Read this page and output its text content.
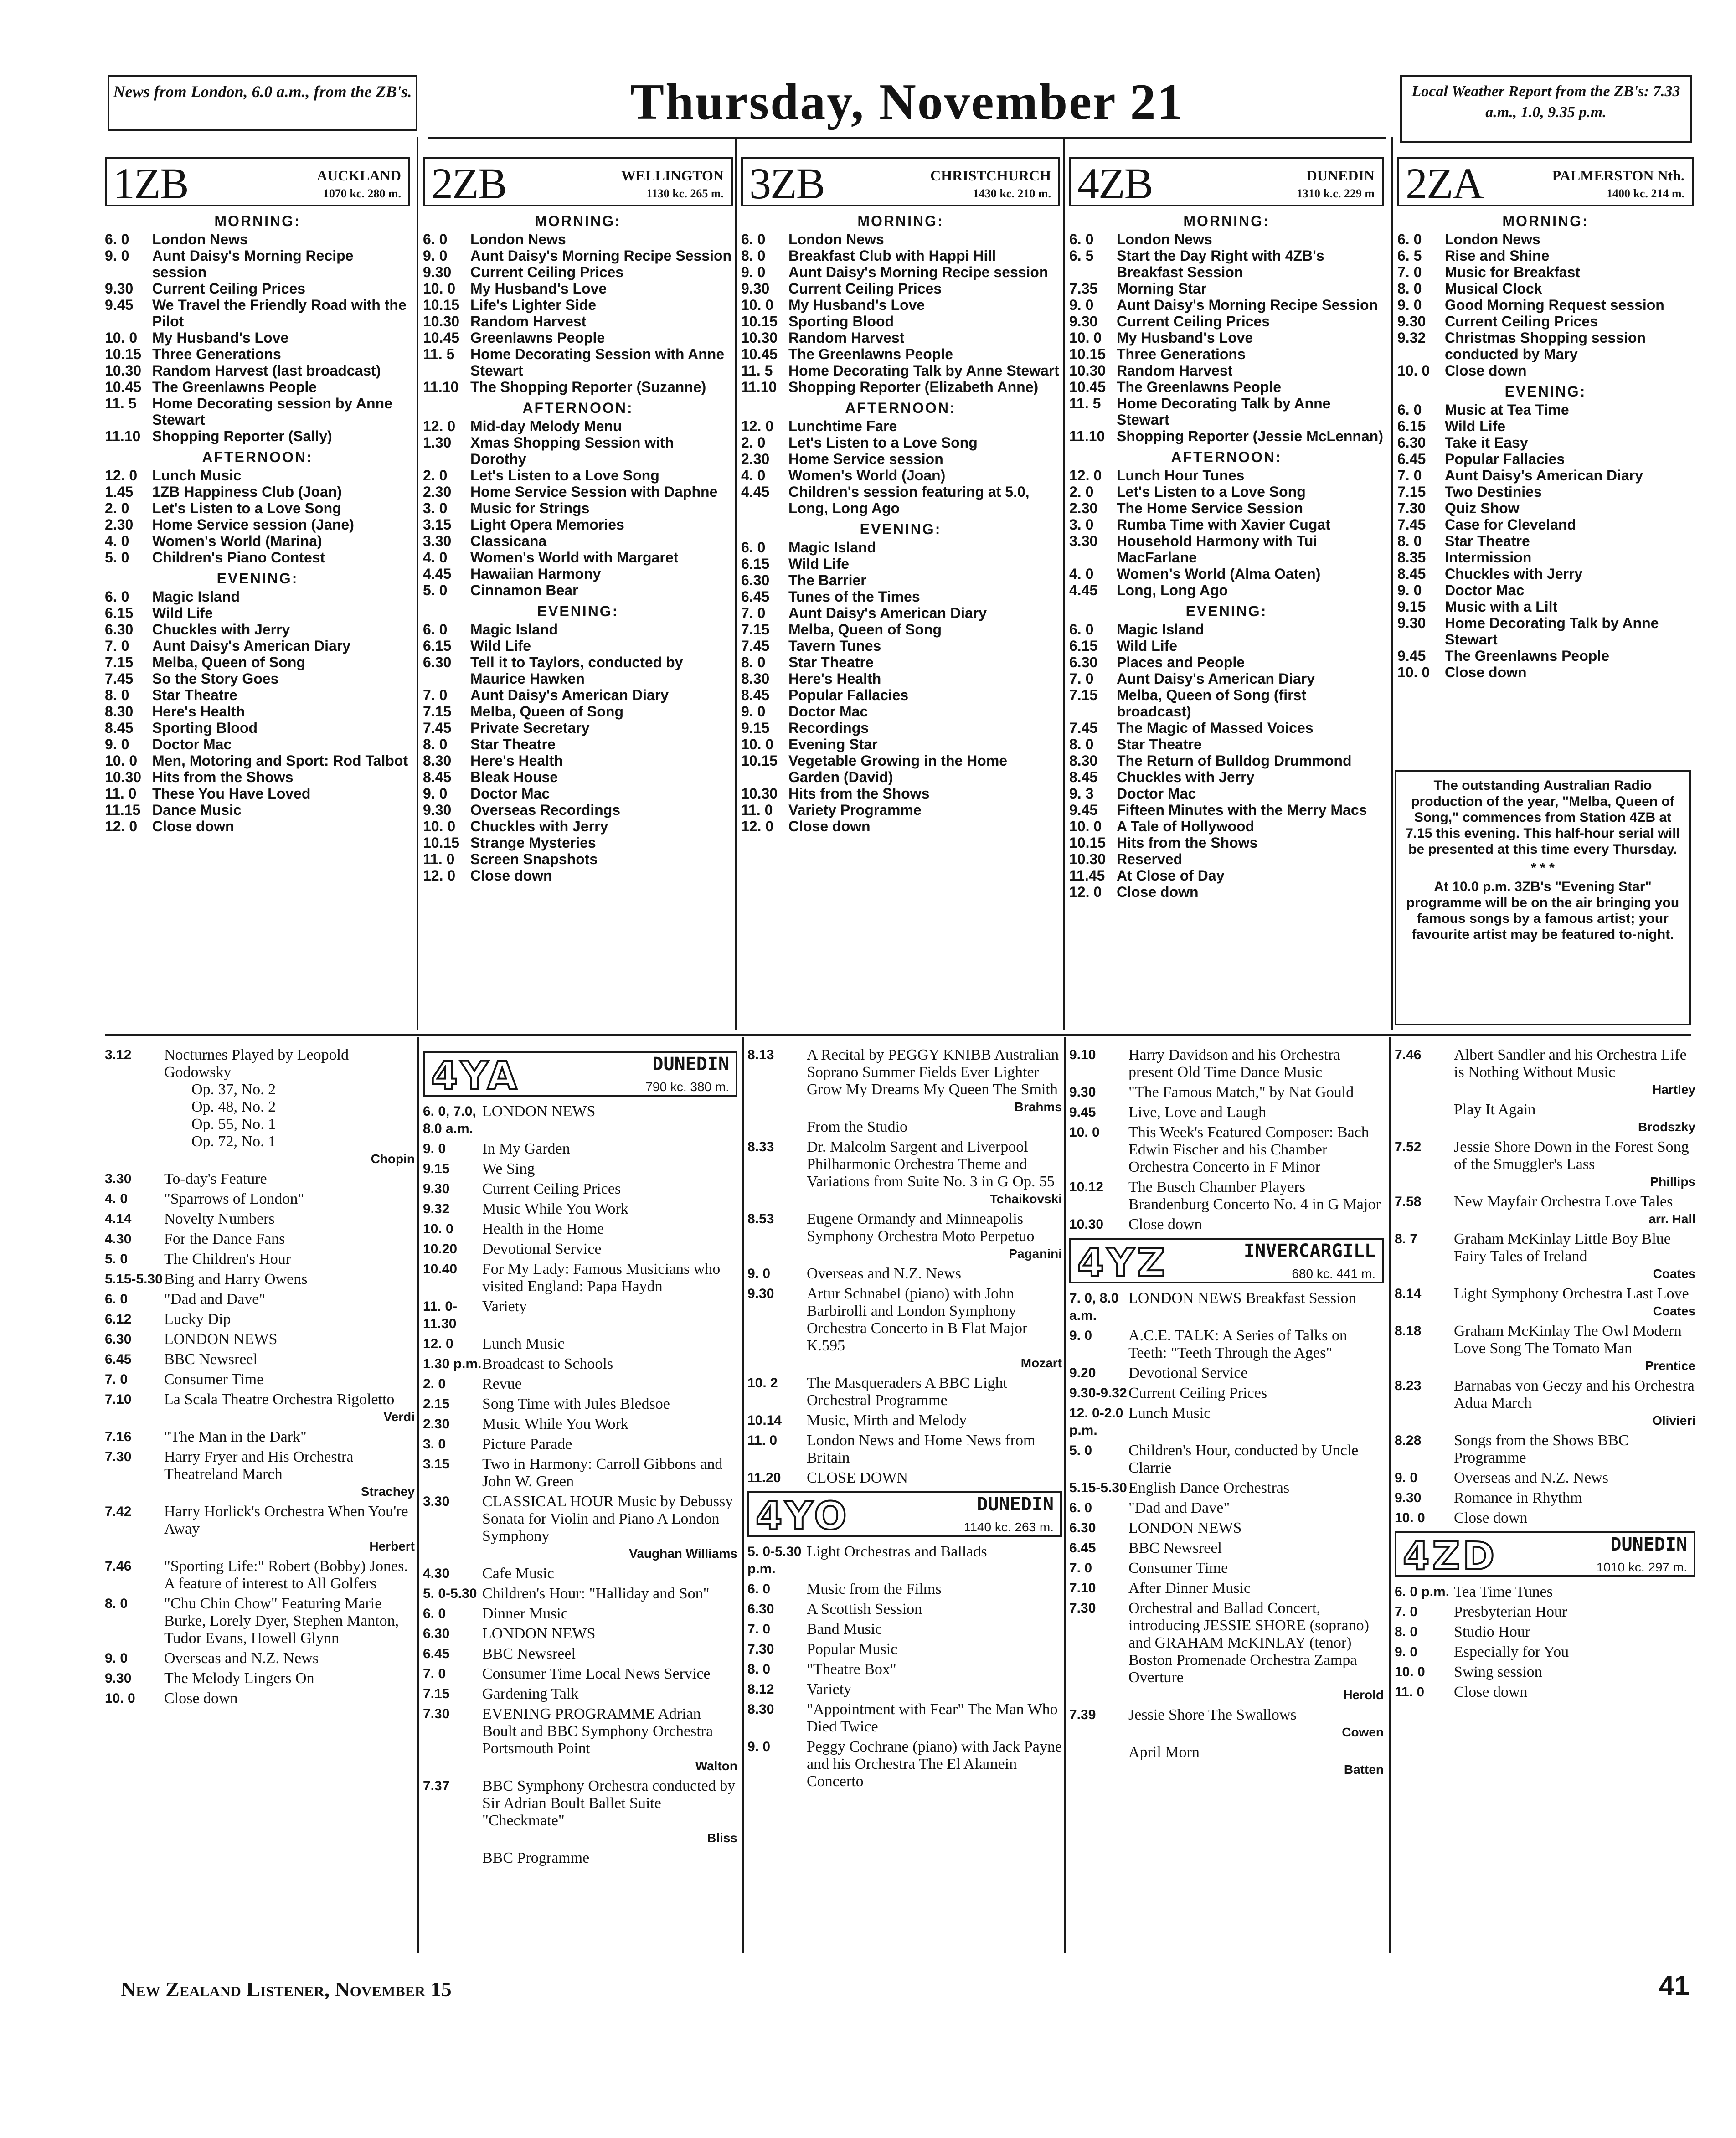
News from London, 6.0 a.m., from the ZB's.	Thursday, November 21	Local Weather Report from the ZB's: 7.33 a.m., 1.0, 9.35 p.m.
1ZB	AUCKLAND
1070 kc. 280 m.
MORNING:
6. 0	London News
9. 0	Aunt Daisy's Morning Recipe session
9.30	Current Ceiling Prices
9.45	We Travel the Friendly Road with the Pilot
10. 0	My Husband's Love
10.15 Three Generations
10.30 Random Harvest (last broadcast)
10.45 The Greenlawns People
11. 5	Home Decorating session by Anne Stewart
11.10 Shopping Reporter (Sally)
AFTERNOON:
12. 0	Lunch Music
1.45	1ZB Happiness Club (Joan)
2. 0	Let's Listen to a Love Song
2.30	Home Service session (Jane)
4. 0	Women's World (Marina)
5. 0	Children's Piano Contest
EVENING:
6. 0	Magic Island
6.15	Wild Life
6.30	Chuckles with Jerry
7. 0	Aunt Daisy's American Diary
7.15	Melba, Queen of Song
7.45	So the Story Goes
8. 0	Star Theatre
8.30	Here's Health
8.45	Sporting Blood
9. 0	Doctor Mac
10. 0	Men, Motoring and Sport: Rod Talbot
10.30 Hits from the Shows
11. 0	These You Have Loved
11.15 Dance Music
12. 0	Close down
2ZB	WELLINGTON
1130 kc. 265 m.
MORNING:
6. 0	London News
9. 0	Aunt Daisy's Morning Recipe Session
9.30	Current Ceiling Prices
10. 0	My Husband's Love
10.15 Life's Lighter Side
10.30 Random Harvest
10.45 Greenlawns People
11. 5	Home Decorating Session with Anne Stewart
11.10 The Shopping Reporter (Suzanne)
AFTERNOON:
12. 0	Mid-day Melody Menu
1.30	Xmas Shopping Session with Dorothy
2. 0	Let's Listen to a Love Song
2.30	Home Service Session with Daphne
3. 0	Music for Strings
3.15	Light Opera Memories
3.30	Classicana
4. 0	Women's World with Margaret
4.45	Hawaiian Harmony
5. 0	Cinnamon Bear
EVENING:
6. 0	Magic Island
6.15	Wild Life
6.30	Tell it to Taylors, conducted by Maurice Hawken
7. 0	Aunt Daisy's American Diary
7.15	Melba, Queen of Song
7.45	Private Secretary
8. 0	Star Theatre
8.30	Here's Health
8.45	Bleak House
9. 0	Doctor Mac
9.30	Overseas Recordings
10. 0	Chuckles with Jerry
10.15 Strange Mysteries
11. 0	Screen Snapshots
12. 0	Close down
3ZB	CHRISTCHURCH
1430 kc. 210 m.
MORNING:
6. 0	London News
8. 0	Breakfast Club with Happi Hill
9. 0	Aunt Daisy's Morning Recipe session
9.30	Current Ceiling Prices
10. 0	My Husband's Love
10.15 Sporting Blood
10.30 Random Harvest
10.45 The Greenlawns People
11. 5	Home Decorating Talk by Anne Stewart
11.10 Shopping Reporter (Elizabeth Anne)
AFTERNOON:
12. 0	Lunchtime Fare
2. 0	Let's Listen to a Love Song
2.30	Home Service session
4. 0	Women's World (Joan)
4.45	Children's session featuring at 5.0, Long, Long Ago
EVENING:
6. 0	Magic Island
6.15	Wild Life
6.30	The Barrier
6.45	Tunes of the Times
7. 0	Aunt Daisy's American Diary
7.15	Melba, Queen of Song
7.45	Tavern Tunes
8. 0	Star Theatre
8.30	Here's Health
8.45	Popular Fallacies
9. 0	Doctor Mac
9.15	Recordings
10. 0	Evening Star
10.15 Vegetable Growing in the Home Garden (David)
10.30 Hits from the Shows
11. 0	Variety Programme
12. 0	Close down
4ZB	DUNEDIN
1310 k.c. 229 m
MORNING:
6. 0	London News
6. 5	Start the Day Right with 4ZB's Breakfast Session
7.35	Morning Star
9. 0	Aunt Daisy's Morning Recipe Session
9.30	Current Ceiling Prices
10. 0	My Husband's Love
10.15 Three Generations
10.30 Random Harvest
10.45 The Greenlawns People
11. 5	Home Decorating Talk by Anne Stewart
11.10 Shopping Reporter (Jessie McLennan)
AFTERNOON:
12. 0	Lunch Hour Tunes
2. 0	Let's Listen to a Love Song
2.30	The Home Service Session
3. 0	Rumba Time with Xavier Cugat
3.30	Household Harmony with Tui MacFarlane
4. 0	Women's World (Alma Oaten)
4.45	Long, Long Ago
EVENING:
6. 0	Magic Island
6.15	Wild Life
6.30	Places and People
7. 0	Aunt Daisy's American Diary
7.15	Melba, Queen of Song (first broadcast)
7.45	The Magic of Massed Voices
8. 0	Star Theatre
8.30	The Return of Bulldog Drummond
8.45	Chuckles with Jerry
9. 3	Doctor Mac
9.45	Fifteen Minutes with the Merry Macs
10. 0	A Tale of Hollywood
10.15 Hits from the Shows
10.30 Reserved
11.45 At Close of Day
12. 0	Close down
2ZA	PALMERSTON Nth.
1400 kc. 214 m.
MORNING:
6. 0	London News
6. 5	Rise and Shine
7. 0	Music for Breakfast
8. 0	Musical Clock
9. 0	Good Morning Request session
9.30	Current Ceiling Prices
9.32	Christmas Shopping session conducted by Mary
10. 0	Close down
EVENING:
6. 0	Music at Tea Time
6.15	Wild Life
6.30	Take it Easy
6.45	Popular Fallacies
7. 0	Aunt Daisy's American Diary
7.15	Two Destinies
7.30	Quiz Show
7.45	Case for Cleveland
8. 0	Star Theatre
8.35	Intermission
8.45	Chuckles with Jerry
9. 0	Doctor Mac
9.15	Music with a Lilt
9.30	Home Decorating Talk by Anne Stewart
9.45	The Greenlawns People
10. 0	Close down
The outstanding Australian Radio production of the year, "Melba, Queen of Song," commences from Station 4ZB at 7.15 this evening. This half-hour serial will be presented at this time every Thursday.
* * *
At 10.0 p.m. 3ZB's "Evening Star" programme will be on the air bringing you famous songs by a famous artist; your favourite artist may be featured to-night.
3.12	Nocturnes Played by Leopold Godowsky
Op. 37, No. 2
Op. 48, No. 2
Op. 55, No. 1
Op. 72, No. 1
Chopin
3.30	To-day's Feature
4. 0	"Sparrows of London"
4.14	Novelty Numbers
4.30	For the Dance Fans
5. 0	The Children's Hour
5.15-5.30 Bing and Harry Owens
6. 0	"Dad and Dave"
6.12	Lucky Dip
6.30	LONDON NEWS
6.45	BBC Newsreel
7. 0	Consumer Time
7.10	La Scala Theatre Orchestra Rigoletto
Verdi
7.16	"The Man in the Dark"
7.30	Harry Fryer and His Orchestra Theatreland March
Strachey
7.42	Harry Horlick's Orchestra When You're Away
Herbert
7.46	"Sporting Life:" Robert (Bobby) Jones. A feature of interest to All Golfers
8. 0	"Chu Chin Chow" Featuring Marie Burke, Lorely Dyer, Stephen Manton, Tudor Evans, Howell Glynn
9. 0	Overseas and N.Z. News
9.30	The Melody Lingers On
10. 0	Close down
4YA	DUNEDIN
790 kc. 380 m.
6. 0, 7.0, 8.0 a.m.
LONDON NEWS
9. 0	In My Garden
9.15	We Sing
9.30	Current Ceiling Prices
9.32	Music While You Work
10. 0	Health in the Home
10.20	Devotional Service
10.40	For My Lady: Famous Musicians who visited England: Papa Haydn
11. 0-11.30
Variety
12. 0	Lunch Music
1.30 p.m. Broadcast to Schools
2. 0	Revue
2.15	Song Time with Jules Bledsoe
2.30	Music While You Work
3. 0	Picture Parade
3.15	Two in Harmony: Carroll Gibbons and John W. Green
3.30	CLASSICAL HOUR Music by Debussy Sonata for Violin and Piano A London Symphony
Vaughan Williams
4.30	Cafe Music
5. 0-5.30 Children's Hour: "Halliday and Son"
6. 0	Dinner Music
6.30	LONDON NEWS
6.45	BBC Newsreel
7. 0	Consumer Time Local News Service
7.15	Gardening Talk
7.30	EVENING PROGRAMME Adrian Boult and BBC Symphony Orchestra Portsmouth Point
Walton
7.37	BBC Symphony Orchestra conducted by Sir Adrian Boult Ballet Suite "Checkmate"
Bliss
BBC Programme
8.13	A Recital by PEGGY KNIBB Australian Soprano Summer Fields Ever Lighter Grow My Dreams My Queen The Smith
Brahms
From the Studio
8.33	Dr. Malcolm Sargent and Liverpool Philharmonic Orchestra Theme and Variations from Suite No. 3 in G Op. 55
Tchaikovski
8.53	Eugene Ormandy and Minneapolis Symphony Orchestra Moto Perpetuo
Paganini
9. 0	Overseas and N.Z. News
9.30	Artur Schnabel (piano) with John Barbirolli and London Symphony Orchestra Concerto in B Flat Major K.595
Mozart
10. 2	The Masqueraders A BBC Light Orchestral Programme
10.14	Music, Mirth and Melody
11. 0	London News and Home News from Britain
11.20	CLOSE DOWN
4YO	DUNEDIN
1140 kc. 263 m.
5. 0-5.30 p.m.
Light Orchestras and Ballads
6. 0	Music from the Films
6.30	A Scottish Session
7. 0	Band Music
7.30	Popular Music
8. 0	"Theatre Box"
8.12	Variety
8.30	"Appointment with Fear" The Man Who Died Twice
9. 0	Peggy Cochrane (piano) with Jack Payne and his Orchestra The El Alamein Concerto
9.10	Harry Davidson and his Orchestra present Old Time Dance Music
9.30	"The Famous Match," by Nat Gould
9.45	Live, Love and Laugh
10. 0	This Week's Featured Composer: Bach Edwin Fischer and his Chamber Orchestra Concerto in F Minor
10.12	The Busch Chamber Players Brandenburg Concerto No. 4 in G Major
10.30	Close down
4YZ	INVERCARGILL
680 kc. 441 m.
7. 0, 8.0 a.m.
LONDON NEWS Breakfast Session
9. 0	A.C.E. TALK: A Series of Talks on Teeth: "Teeth Through the Ages"
9.20	Devotional Service
9.30-9.32 Current Ceiling Prices
12. 0-2.0 p.m.
Lunch Music
5. 0	Children's Hour, conducted by Uncle Clarrie
5.15-5.30 English Dance Orchestras
6. 0	"Dad and Dave"
6.30	LONDON NEWS
6.45	BBC Newsreel
7. 0	Consumer Time
7.10	After Dinner Music
7.30	Orchestral and Ballad Concert, introducing JESSIE SHORE (soprano) and GRAHAM McKINLAY (tenor) Boston Promenade Orchestra Zampa Overture
Herold
7.39	Jessie Shore The Swallows
Cowen
April Morn
Batten
7.46	Albert Sandler and his Orchestra Life is Nothing Without Music
Hartley
Play It Again
Brodszky
7.52	Jessie Shore Down in the Forest Song of the Smuggler's Lass
Phillips
7.58	New Mayfair Orchestra Love Tales
arr. Hall
8. 7	Graham McKinlay Little Boy Blue Fairy Tales of Ireland
Coates
8.14	Light Symphony Orchestra Last Love
Coates
8.18	Graham McKinlay The Owl Modern Love Song The Tomato Man
Prentice
8.23	Barnabas von Geczy and his Orchestra Adua March
Olivieri
8.28	Songs from the Shows BBC Programme
9. 0	Overseas and N.Z. News
9.30	Romance in Rhythm
10. 0	Close down
4ZD	DUNEDIN
1010 kc. 297 m.
6. 0 p.m. Tea Time Tunes
7. 0	Presbyterian Hour
8. 0	Studio Hour
9. 0	Especially for You
10. 0	Swing session
11. 0	Close down
New Zealand Listener, November 15	41
